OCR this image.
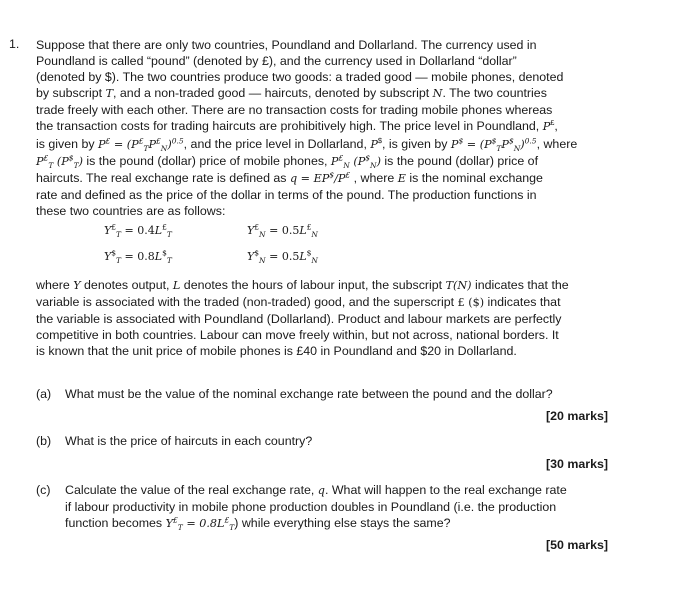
1. Suppose that there are only two countries, Poundland and Dollarland. The currency used in

Poundland is called “pound” (denoted by £), and the currency used in Dollarland “dollar”

(denoted by $). The two countries produce two goods: a traded good — mobile phones, denoted

by subscript T, and a non-traded good — haircuts, denoted by subscript N. The two countries

trade freely with each other. There are no transaction costs for trading mobile phones whereas

the transaction costs for trading haircuts are prohibitively high. The price level in Poundland, P£,

is given by $P^£ = (P^£_TP^£_N)^{0.5}$, and the price level in Dollarland, P$, is given by $P^{\$} = (P^{\$}_TP^{\$}_N)^{0.5}$, where

$P^£_T$ $(P^{\$}_T)$ is the pound (dollar) price of mobile phones, $P^£_N$ $(P^{\$}_N)$ is the pound (dollar) price of

haircuts. The real exchange rate is defined as q = EP$/P£ , where E is the nominal exchange

rate and defined as the price of the dollar in terms of the pound. The production functions in

these two countries are as follows:

$Y^£_T = 0.4L^£_T$	$Y^£_N = 0.5L^£_N$
$Y^{\$}_T = 0.8L^{\$}_T$	$Y^{\$}_N = 0.5L^{\$}_N$

where Y denotes output, L denotes the hours of labour input, the subscript T(N) indicates that the

variable is associated with the traded (non-traded) good, and the superscript £ ($) indicates that

the variable is associated with Poundland (Dollarland). Product and labour markets are perfectly

competitive in both countries. Labour can move freely within, but not across, national borders. It

is known that the unit price of mobile phones is £40 in Poundland and $20 in Dollarland.

(a) What must be the value of the nominal exchange rate between the pound and the dollar?
[20 marks]
(b) What is the price of haircuts in each country?
[30 marks]
(c) Calculate the value of the real exchange rate, q. What will happen to the real exchange rate
if labour productivity in mobile phone production doubles in Poundland (i.e. the production
function becomes $Y^£_T = 0.8L^£_T$) while everything else stays the same?
[50 marks]
